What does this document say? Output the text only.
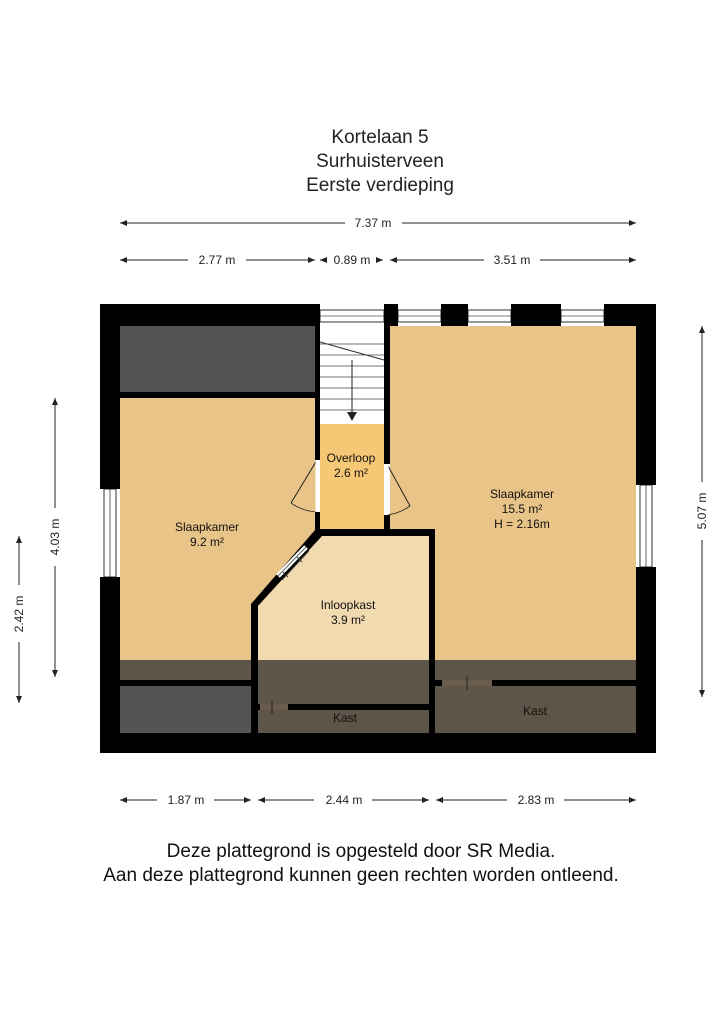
Kortelaan 5
Surhuisterveen
Eerste verdieping
7.37 m
2.77 m	0.89 m	3.51 m
1.87 m	2.44 m	2.83 m
2.42 m
4.03 m
5.07 m
Slaapkamer
9.2 m²
Overloop
2.6 m²
Slaapkamer
15.5 m²
H = 2.16m
Inloopkast
3.9 m²
Kast	Kast
Deze plattegrond is opgesteld door SR Media.
Aan deze plattegrond kunnen geen rechten worden ontleend.
